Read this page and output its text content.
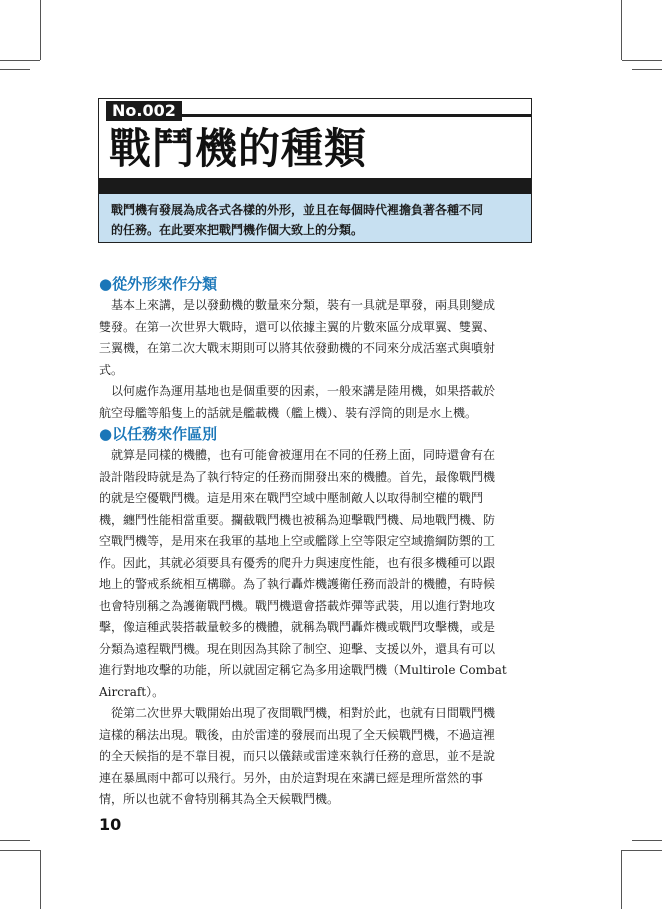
No.002
戰鬥機的種類
戰鬥機有發展為成各式各樣的外形，並且在每個時代裡擔負著各種不同
的任務。在此要來把戰鬥機作個大致上的分類。
●從外形來作分類
　基本上來講，是以發動機的數量來分類，裝有一具就是單發，兩具則變成
雙發。在第一次世界大戰時，還可以依據主翼的片數來區分成單翼、雙翼、
三翼機，在第二次大戰末期則可以將其依發動機的不同來分成活塞式與噴射
式。
　以何處作為運用基地也是個重要的因素，一般來講是陸用機，如果搭載於
航空母艦等船隻上的話就是艦載機（艦上機）、裝有浮筒的則是水上機。
●以任務來作區別
　就算是同樣的機體，也有可能會被運用在不同的任務上面，同時還會有在
設計階段時就是為了執行特定的任務而開發出來的機體。首先，最像戰鬥機
的就是空優戰鬥機。這是用來在戰鬥空域中壓制敵人以取得制空權的戰鬥
機，纏鬥性能相當重要。攔截戰鬥機也被稱為迎擊戰鬥機、局地戰鬥機、防
空戰鬥機等，是用來在我軍的基地上空或艦隊上空等限定空域擔綱防禦的工
作。因此，其就必須要具有優秀的爬升力與速度性能，也有很多機種可以跟
地上的警戒系統相互構聯。為了執行轟炸機護衛任務而設計的機體，有時候
也會特別稱之為護衛戰鬥機。戰鬥機還會搭載炸彈等武裝，用以進行對地攻
擊，像這種武裝搭載量較多的機體，就稱為戰鬥轟炸機或戰鬥攻擊機，或是
分類為遠程戰鬥機。現在則因為其除了制空、迎擊、支援以外，還具有可以
進行對地攻擊的功能，所以就固定稱它為多用途戰鬥機（Multirole Combat
Aircraft）。
　從第二次世界大戰開始出現了夜間戰鬥機，相對於此，也就有日間戰鬥機
這樣的稱法出現。戰後，由於雷達的發展而出現了全天候戰鬥機，不過這裡
的全天候指的是不靠目視，而只以儀錶或雷達來執行任務的意思，並不是說
連在暴風雨中都可以飛行。另外，由於這對現在來講已經是理所當然的事
情，所以也就不會特別稱其為全天候戰鬥機。
10
